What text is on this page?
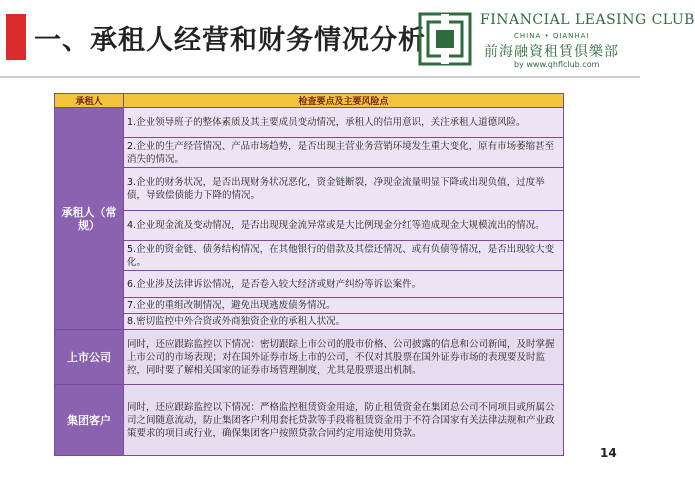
一、承租人经营和财务情况分析
FINANCIAL LEASING CLUB
CHINA • QIANHAI
前海融資租賃俱樂部
by www.qhflclub.com
承租人	检查要点及主要风险点
承租人（常规）	1.企业领导班子的整体素质及其主要成员变动情况，承租人的信用意识，关注承租人道德风险。
	2.企业的生产经营情况、产品市场趋势，是否出现主营业务营销环境发生重大变化，原有市场萎缩甚至消失的情况。
	3.企业的财务状况，是否出现财务状况恶化，资金链断裂，净现金流量明显下降或出现负值，过度举债，导致偿债能力下降的情况。
	4.企业现金流及变动情况，是否出现现金流异常或是大比例现金分红等造成现金大规模流出的情况。
	5.企业的资金链、债务结构情况，在其他银行的借款及其偿还情况、或有负债等情况，是否出现较大变化。
	6.企业涉及法律诉讼情况，是否卷入较大经济或财产纠纷等诉讼案件。
	7.企业的重组改制情况，避免出现逃废债务情况。
	8.密切监控中外合资或外商独资企业的承租人状况。
上市公司	同时，还应跟踪监控以下情况：密切跟踪上市公司的股市价格、公司披露的信息和公司新闻，及时掌握上市公司的市场表现；对在国外证券市场上市的公司，不仅对其股票在国外证券市场的表现要及时监控，同时要了解相关国家的证券市场管理制度，尤其是股票退出机制。
集团客户	同时，还应跟踪监控以下情况：严格监控租赁资金用途，防止租赁资金在集团总公司不同项目或所属公司之间随意流动，防止集团客户利用套托贷款等手段将租赁资金用于不符合国家有关法律法规和产业政策要求的项目或行业，确保集团客户按照贷款合同约定用途使用贷款。
14
